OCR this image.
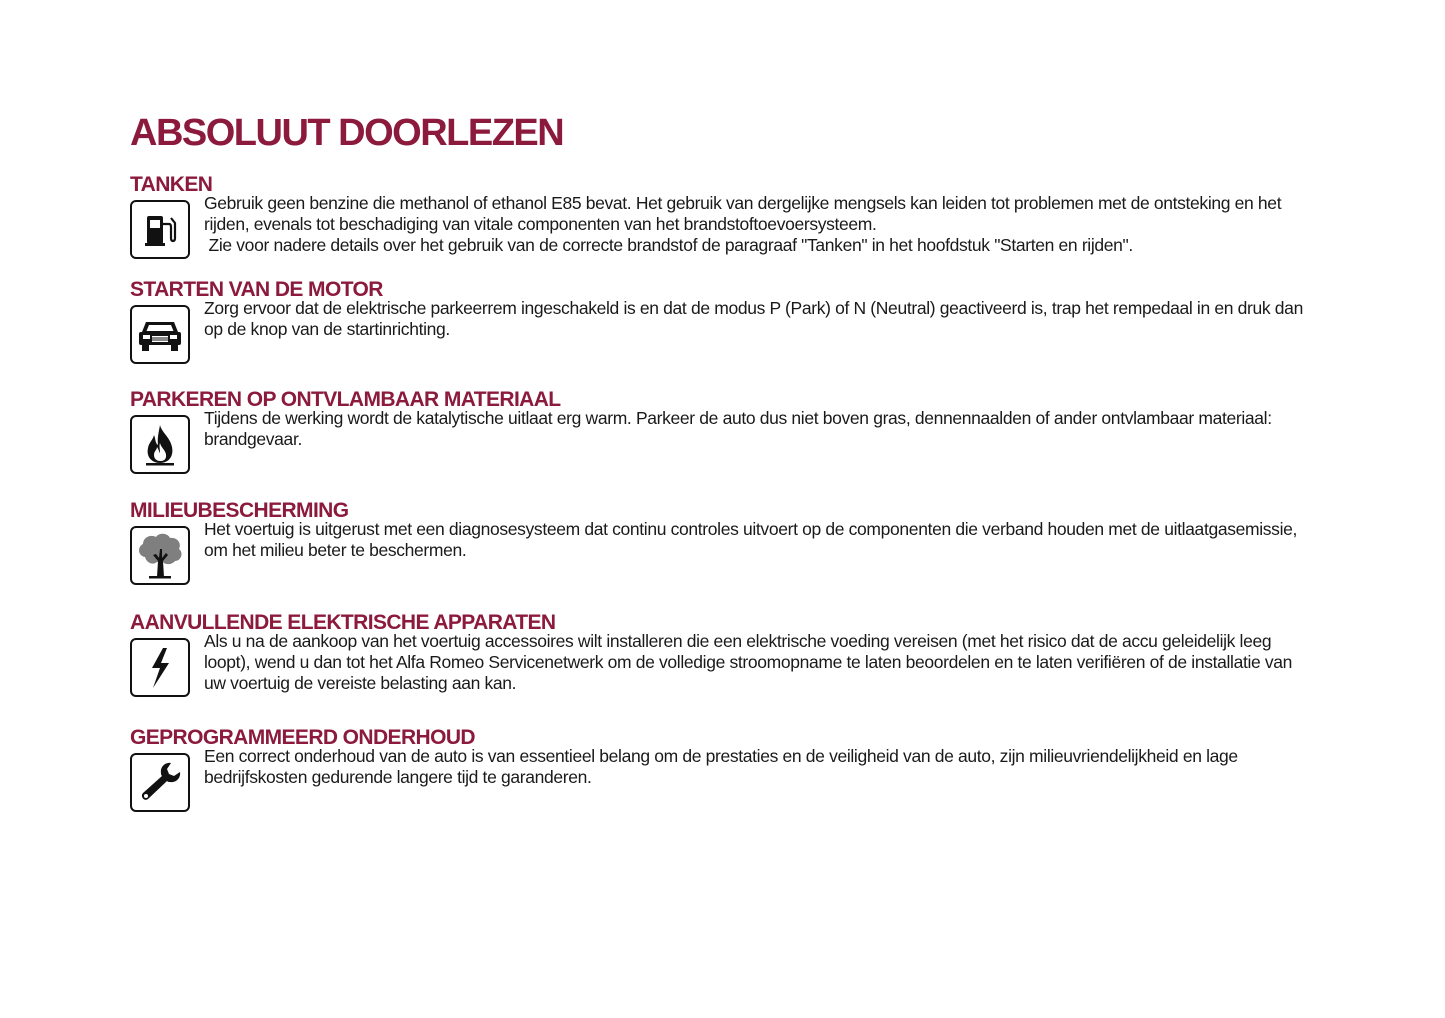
ABSOLUUT DOORLEZEN
TANKEN

Gebruik geen benzine die methanol of ethanol E85 bevat. Het gebruik van dergelijke mengsels kan leiden tot problemen met de ontsteking en het
rijden, evenals tot beschadiging van vitale componenten van het brandstoftoevoersysteem.
Zie voor nadere details over het gebruik van de correcte brandstof de paragraaf "Tanken" in het hoofdstuk "Starten en rijden".

STARTEN VAN DE MOTOR

Zorg ervoor dat de elektrische parkeerrem ingeschakeld is en dat de modus P (Park) of N (Neutral) geactiveerd is, trap het rempedaal in en druk dan
op de knop van de startinrichting.

PARKEREN OP ONTVLAMBAAR MATERIAAL

Tijdens de werking wordt de katalytische uitlaat erg warm. Parkeer de auto dus niet boven gras, dennennaalden of ander ontvlambaar materiaal:
brandgevaar.

MILIEUBESCHERMING

Het voertuig is uitgerust met een diagnosesysteem dat continu controles uitvoert op de componenten die verband houden met de uitlaatgasemissie,
om het milieu beter te beschermen.

AANVULLENDE ELEKTRISCHE APPARATEN

Als u na de aankoop van het voertuig accessoires wilt installeren die een elektrische voeding vereisen (met het risico dat de accu geleidelijk leeg
loopt), wend u dan tot het Alfa Romeo Servicenetwerk om de volledige stroomopname te laten beoordelen en te laten verifiëren of de installatie van
uw voertuig de vereiste belasting aan kan.

GEPROGRAMMEERD ONDERHOUD

Een correct onderhoud van de auto is van essentieel belang om de prestaties en de veiligheid van de auto, zijn milieuvriendelijkheid en lage
bedrijfskosten gedurende langere tijd te garanderen.
